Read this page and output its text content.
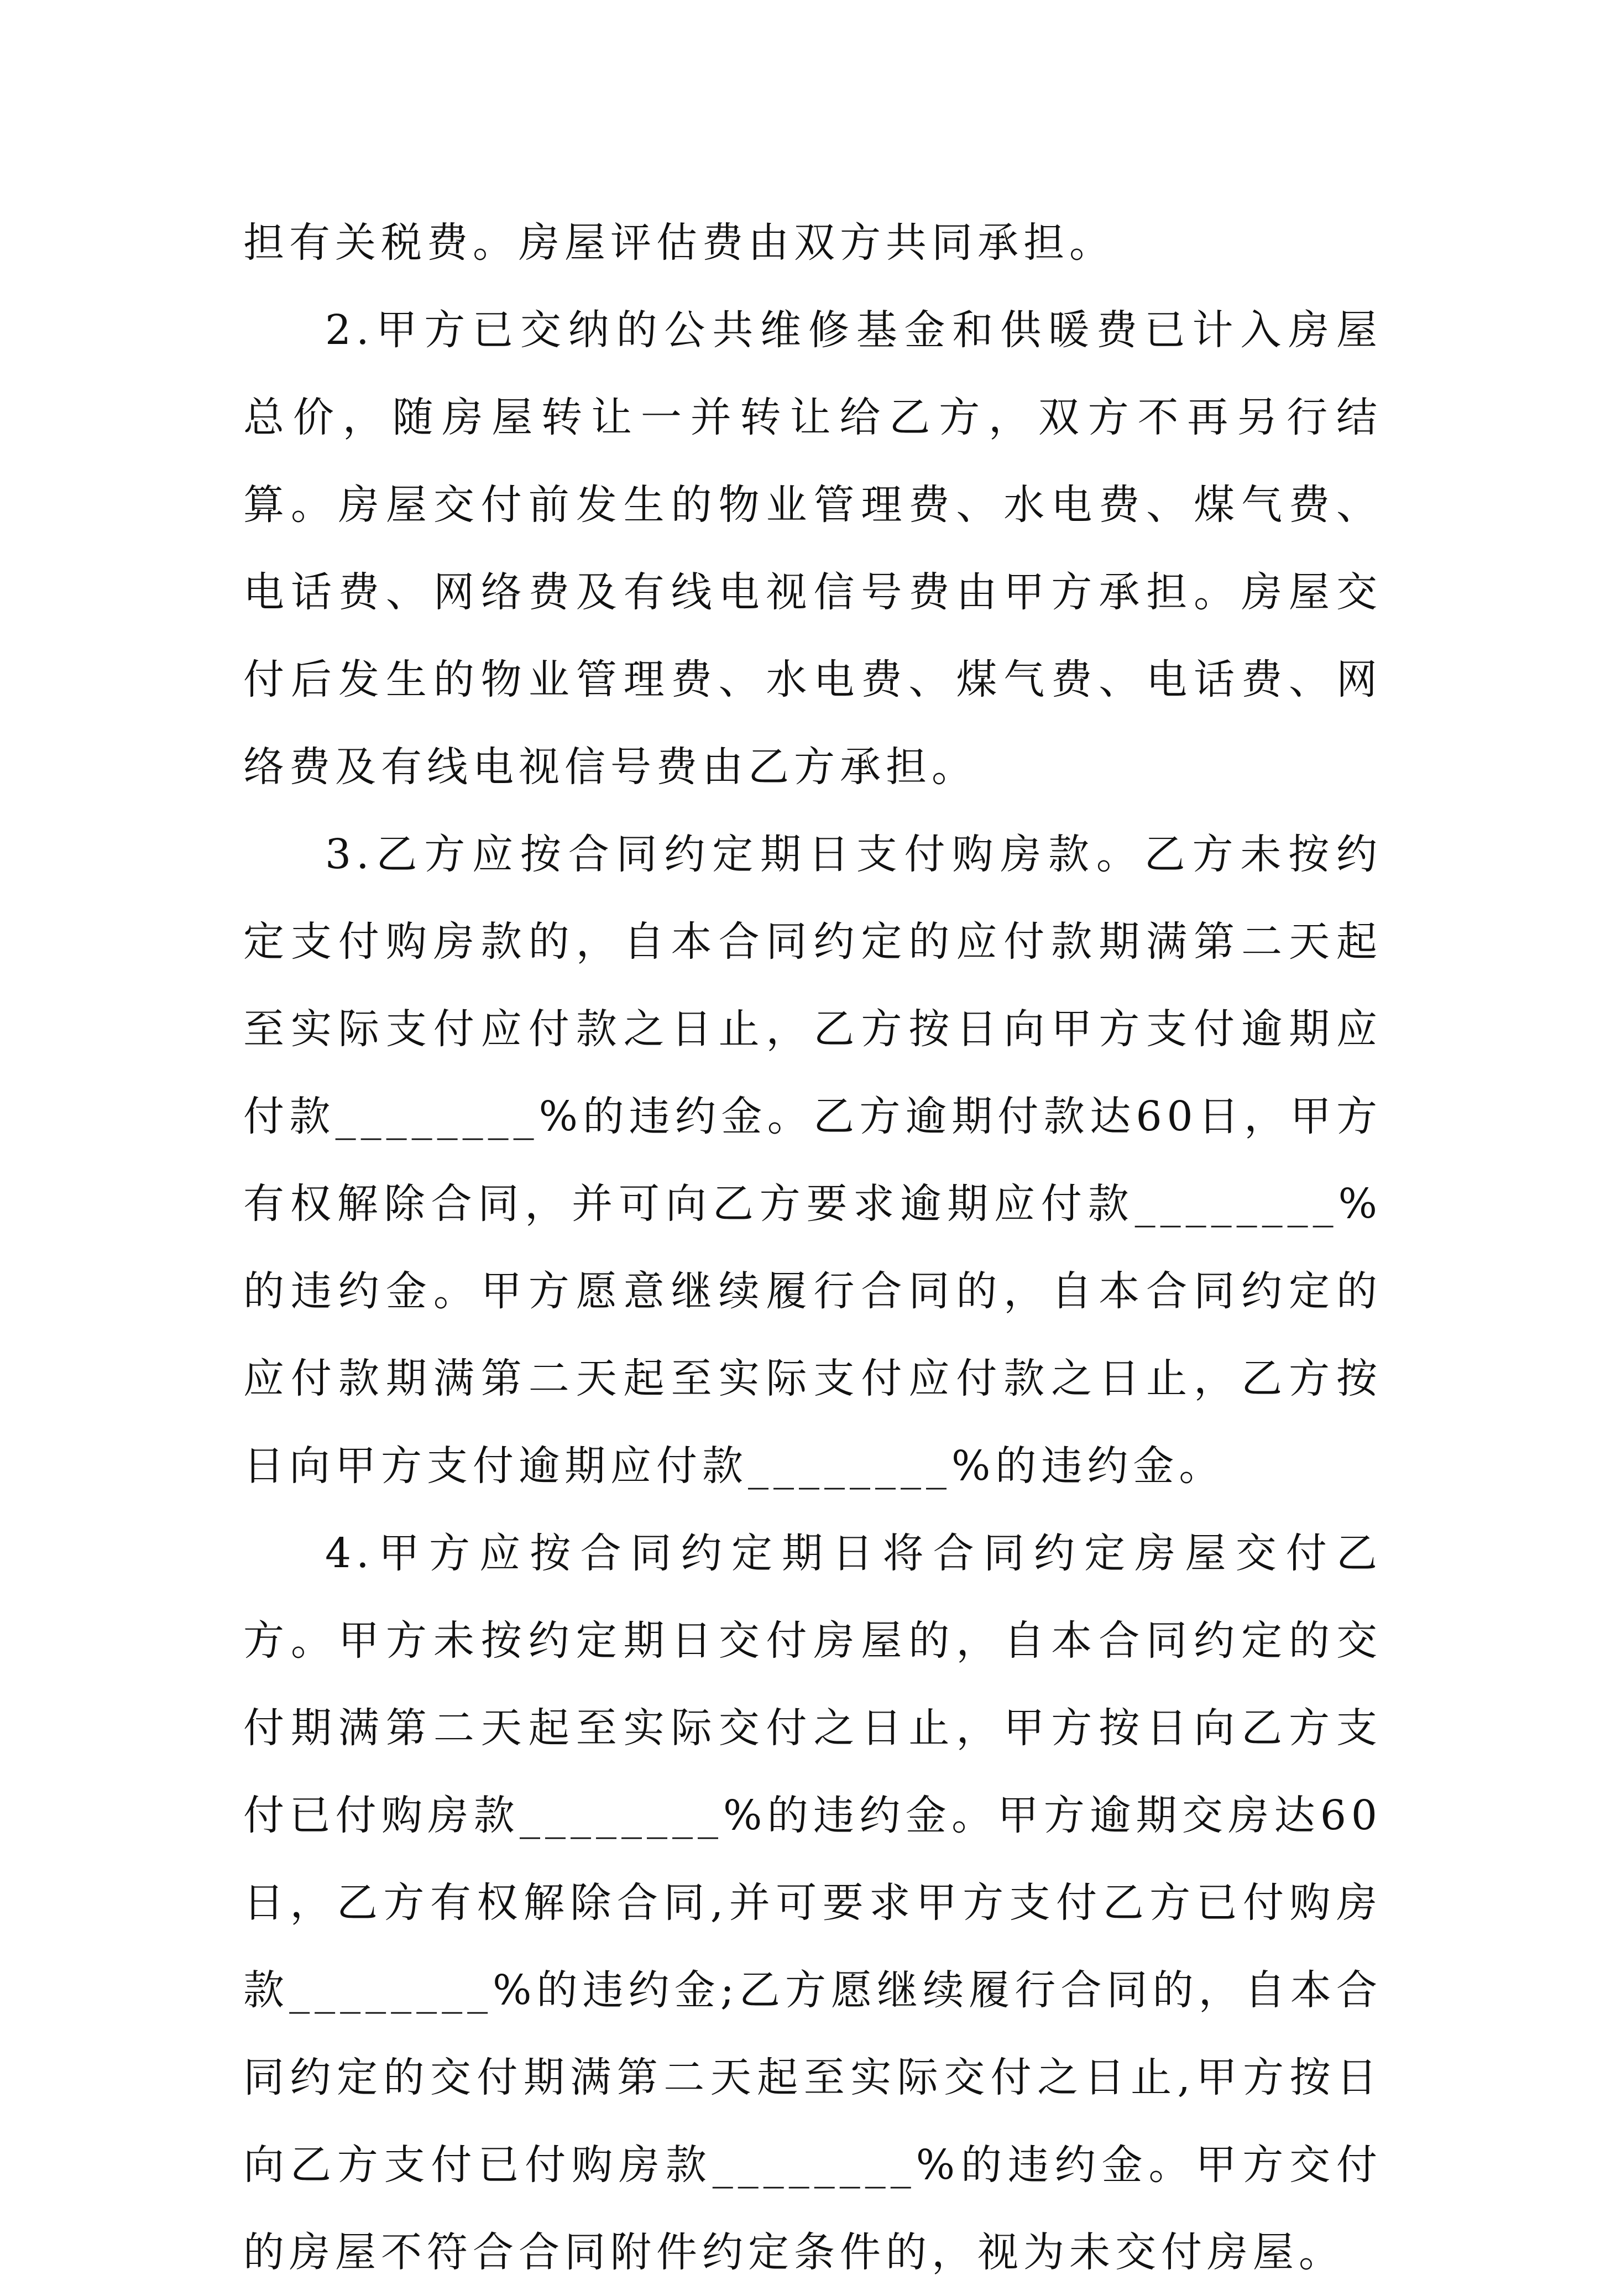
担有关税费。房屋评估费由双方共同承担。

2.甲方已交纳的公共维修基金和供暖费已计入房屋总价，随房屋转让一并转让给乙方，双方不再另行结算。房屋交付前发生的物业管理费、水电费、煤气费、电话费、网络费及有线电视信号费由甲方承担。房屋交付后发生的物业管理费、水电费、煤气费、电话费、网络费及有线电视信号费由乙方承担。

3.乙方应按合同约定期日支付购房款。乙方未按约定支付购房款的，自本合同约定的应付款期满第二天起至实际支付应付款之日止，乙方按日向甲方支付逾期应付款________%的违约金。乙方逾期付款达60日，甲方有权解除合同，并可向乙方要求逾期应付款________%的违约金。甲方愿意继续履行合同的，自本合同约定的应付款期满第二天起至实际支付应付款之日止，乙方按日向甲方支付逾期应付款________%的违约金。

4.甲方应按合同约定期日将合同约定房屋交付乙方。甲方未按约定期日交付房屋的，自本合同约定的交付期满第二天起至实际交付之日止，甲方按日向乙方支付已付购房款________%的违约金。甲方逾期交房达60日，乙方有权解除合同,并可要求甲方支付乙方已付购房款________%的违约金;乙方愿继续履行合同的，自本合同约定的交付期满第二天起至实际交付之日止,甲方按日向乙方支付已付购房款________%的违约金。甲方交付的房屋不符合合同附件约定条件的，视为未交付房屋。
